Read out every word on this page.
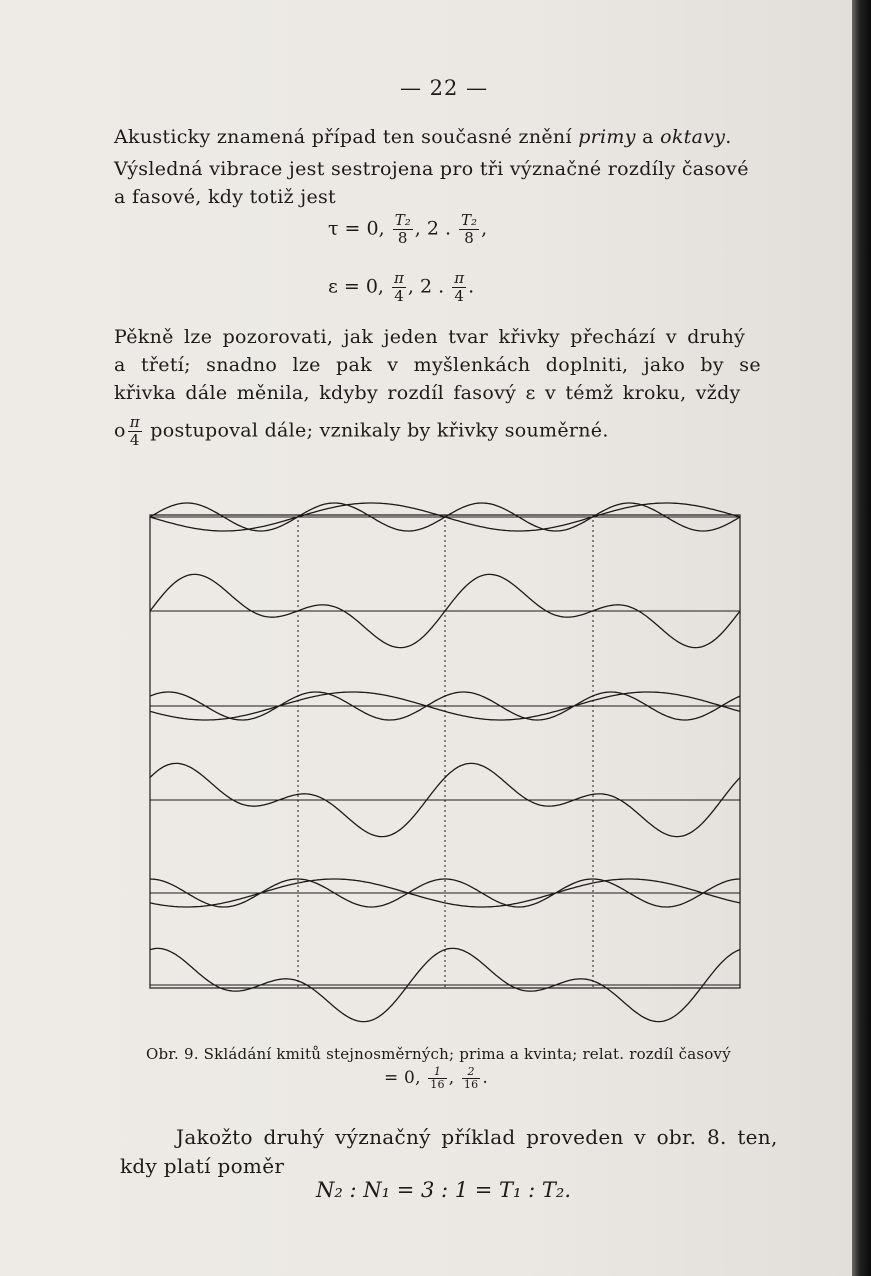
— 22 —
Akusticky znamená případ ten současné znění primy a oktavy.
Výsledná vibrace jest sestrojena pro tři význačné rozdíly časové
a fasové, kdy totiž jest
τ = 0, $\frac{\text{T₂}}{8}$ , 2 . $\frac{\text{T₂}}{8}$ ,
ε = 0, $\frac{\pi}{4}$ , 2 . $\frac{\pi}{4}$ .
Pěkně lze pozorovati, jak jeden tvar křivky přechází v druhý
a třetí; snadno lze pak v myšlenkách doplniti, jako by se
křivka dále měnila, kdyby rozdíl fasový ε v témž kroku, vždy
o $\frac{\pi}{4}$ postupoval dále; vznikaly by křivky souměrné.
Obr. 9. Skládání kmitů stejnosměrných; prima a kvinta; relat. rozdíl časový
= 0, $\frac{1}{16}$ , $\frac{2}{16}$ .
Jakožto druhý význačný příklad proveden v obr. 8. ten,
kdy platí poměr
N₂ : N₁ = 3 : 1 = T₁ : T₂.
